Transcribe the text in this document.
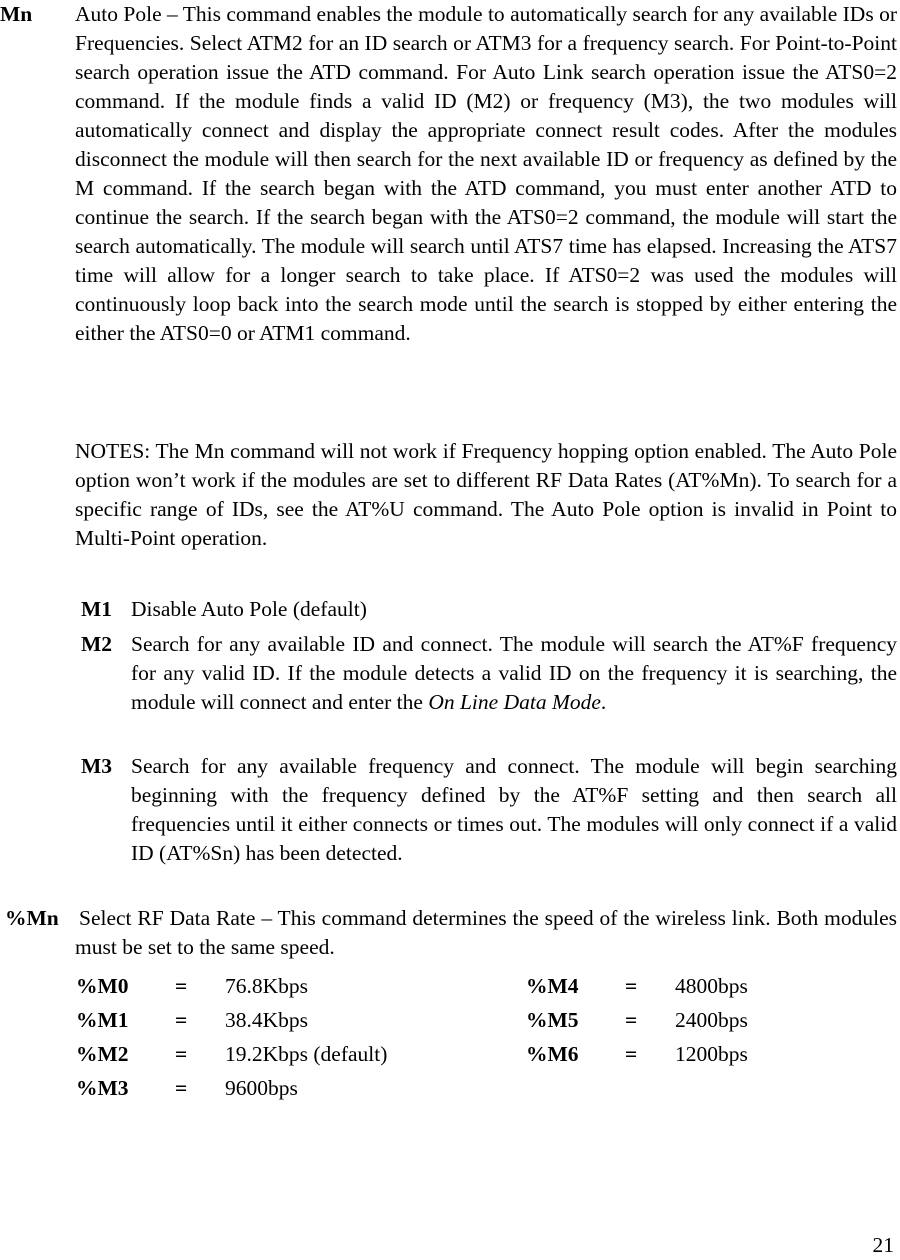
Mn Auto Pole – This command enables the module to automatically search for any available IDs or Frequencies. Select ATM2 for an ID search or ATM3 for a frequency search. For Point-to-Point search operation issue the ATD command. For Auto Link search operation issue the ATS0=2 command. If the module finds a valid ID (M2) or frequency (M3), the two modules will automatically connect and display the appropriate connect result codes. After the modules disconnect the module will then search for the next available ID or frequency as defined by the M command. If the search began with the ATD command, you must enter another ATD to continue the search. If the search began with the ATS0=2 command, the module will start the search automatically. The module will search until ATS7 time has elapsed. Increasing the ATS7 time will allow for a longer search to take place. If ATS0=2 was used the modules will continuously loop back into the search mode until the search is stopped by either entering the either the ATS0=0 or ATM1 command.

NOTES: The Mn command will not work if Frequency hopping option enabled. The Auto Pole option won’t work if the modules are set to different RF Data Rates (AT%Mn). To search for a specific range of IDs, see the AT%U command. The Auto Pole option is invalid in Point to Multi-Point operation.

M1 Disable Auto Pole (default)
M2 Search for any available ID and connect. The module will search the AT%F frequency for any valid ID. If the module detects a valid ID on the frequency it is searching, the module will connect and enter the On Line Data Mode.
M3 Search for any available frequency and connect. The module will begin searching beginning with the frequency defined by the AT%F setting and then search all frequencies until it either connects or times out. The modules will only connect if a valid ID (AT%Sn) has been detected.
%Mn Select RF Data Rate – This command determines the speed of the wireless link. Both modules must be set to the same speed.
%M0 = 76.8Kbps
%M1 = 38.4Kbps
%M2 = 19.2Kbps (default)
%M3 = 9600bps
%M4 = 4800bps
%M5 = 2400bps
%M6 = 1200bps
21
